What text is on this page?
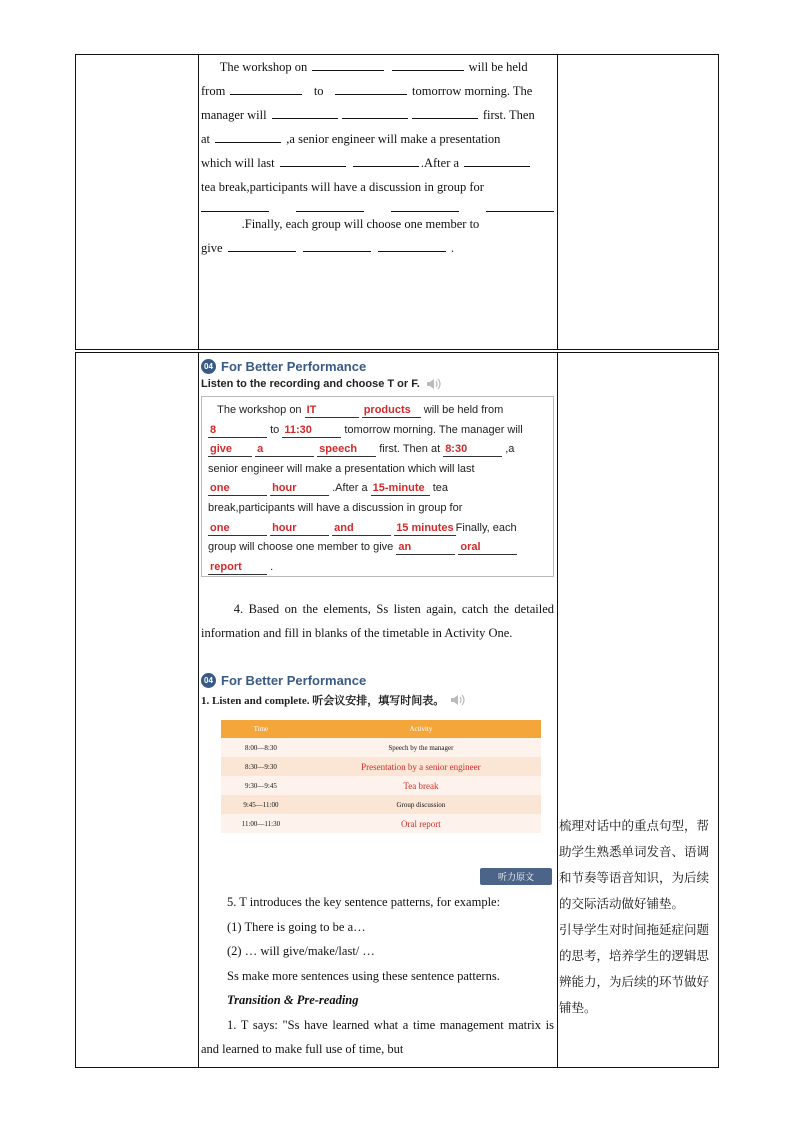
The workshop on	will be held
from	to	tomorrow morning. The
manager will	first. Then
at	,a senior engineer will make a presentation
which will last	.After a
tea break,participants will have a discussion in group for
.Finally, each group will choose one member to
give	.
04 For Better Performance
Listen to the recording and choose T or F.
The workshop on IT	products will be held from
8	to 11:30	tomorrow morning. The manager will
give a	speech first. Then at 8:30	,a
senior engineer will make a presentation which will last
one	hour	.After a 15-minute tea
break,participants will have a discussion in group for
one	hour	and	15 minutes Finally, each
group will choose one member to give an	oral
report	.
4. Based on the elements, Ss listen again, catch the detailed information and fill in blanks of the timetable in Activity One.
04 For Better Performance
1. Listen and complete. 听会议安排，填写时间表。
Time	Activity
8:00—8:30	Speech by the manager
8:30—9:30	Presentation by a senior engineer
9:30—9:45	Tea break
9:45—11:00	Group discussion
11:00—11:30	Oral report
听力原文
5. T introduces the key sentence patterns, for example:
(1) There is going to be a…
(2) … will give/make/last/ …
Ss make more sentences using these sentence patterns.
Transition & Pre-reading
1. T says: "Ss have learned what a time management matrix is and learned to make full use of time, but
梳理对话中的重点句型，帮助学生熟悉单词发音、语调和节奏等语音知识，为后续的交际活动做好铺垫。
引导学生对时间拖延症问题的思考，培养学生的逻辑思辨能力，为后续的环节做好铺垫。
